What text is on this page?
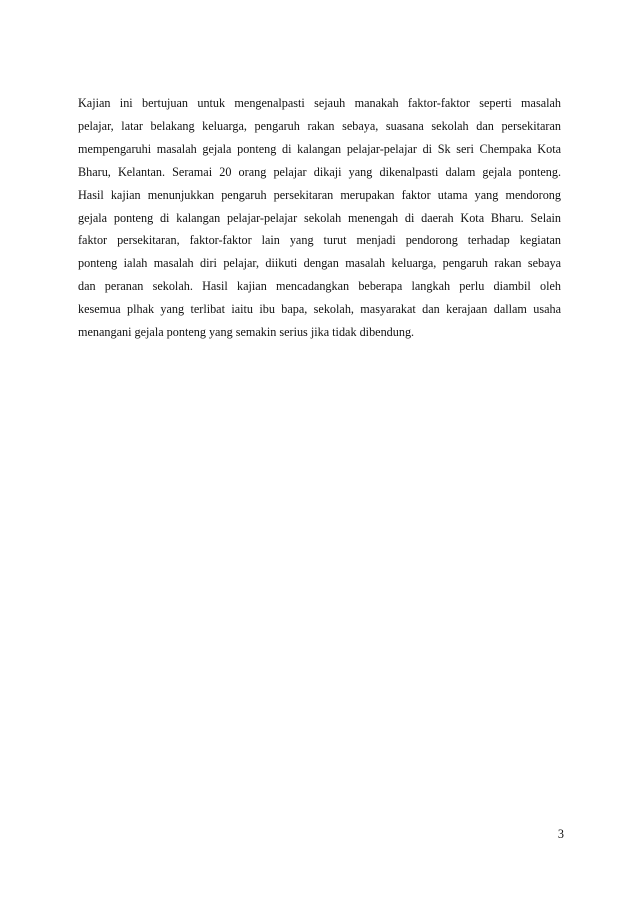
Kajian ini bertujuan untuk mengenalpasti sejauh manakah faktor-faktor seperti masalah
pelajar, latar belakang keluarga, pengaruh rakan sebaya, suasana sekolah dan persekitaran
mempengaruhi masalah gejala ponteng di kalangan pelajar-pelajar di Sk seri Chempaka Kota
Bharu, Kelantan. Seramai 20 orang pelajar dikaji yang dikenalpasti dalam gejala ponteng.
Hasil kajian menunjukkan pengaruh persekitaran merupakan faktor utama yang mendorong
gejala ponteng di kalangan pelajar-pelajar sekolah menengah di daerah Kota Bharu. Selain
faktor persekitaran, faktor-faktor lain yang turut menjadi pendorong terhadap kegiatan
ponteng ialah masalah diri pelajar, diikuti dengan masalah keluarga, pengaruh rakan sebaya
dan peranan sekolah. Hasil kajian mencadangkan beberapa langkah perlu diambil oleh
kesemua plhak yang terlibat iaitu ibu bapa, sekolah, masyarakat dan kerajaan dallam usaha
menangani gejala ponteng yang semakin serius jika tidak dibendung.

3
